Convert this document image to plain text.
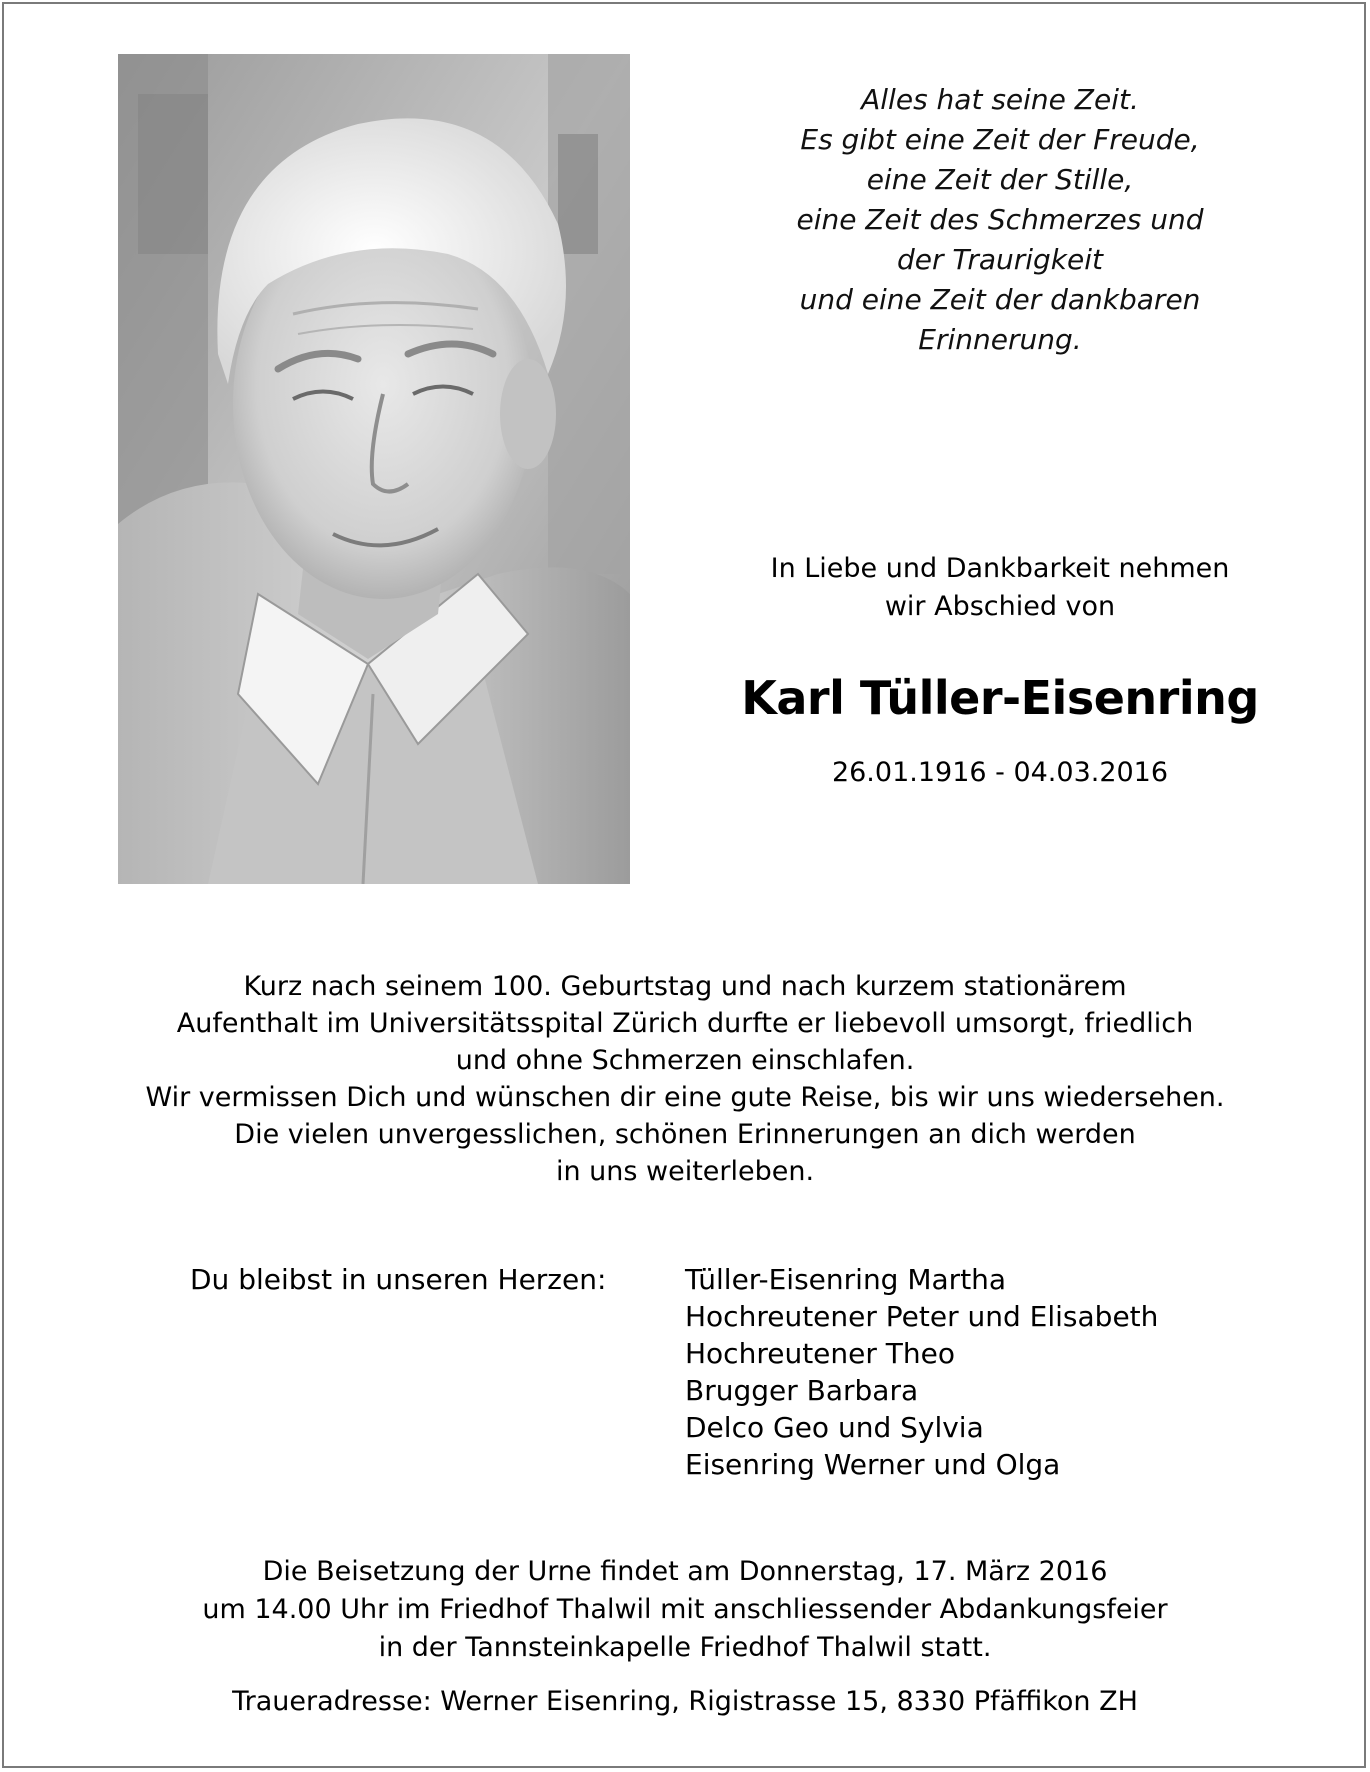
Alles hat seine Zeit.
Es gibt eine Zeit der Freude,
eine Zeit der Stille,
eine Zeit des Schmerzes und
der Traurigkeit
und eine Zeit der dankbaren
Erinnerung.
In Liebe und Dankbarkeit nehmen
wir Abschied von
Karl Tüller-Eisenring
26.01.1916 - 04.03.2016
Kurz nach seinem 100. Geburtstag und nach kurzem stationärem
Aufenthalt im Universitätsspital Zürich durfte er liebevoll umsorgt, friedlich
und ohne Schmerzen einschlafen.
Wir vermissen Dich und wünschen dir eine gute Reise, bis wir uns wiedersehen.
Die vielen unvergesslichen, schönen Erinnerungen an dich werden
in uns weiterleben.
Du bleibst in unseren Herzen:	Tüller-Eisenring Martha
Hochreutener Peter und Elisabeth
Hochreutener Theo
Brugger Barbara
Delco Geo und Sylvia
Eisenring Werner und Olga
Die Beisetzung der Urne findet am Donnerstag, 17. März 2016
um 14.00 Uhr im Friedhof Thalwil mit anschliessender Abdankungsfeier
in der Tannsteinkapelle Friedhof Thalwil statt.
Traueradresse: Werner Eisenring, Rigistrasse 15, 8330 Pfäffikon ZH
